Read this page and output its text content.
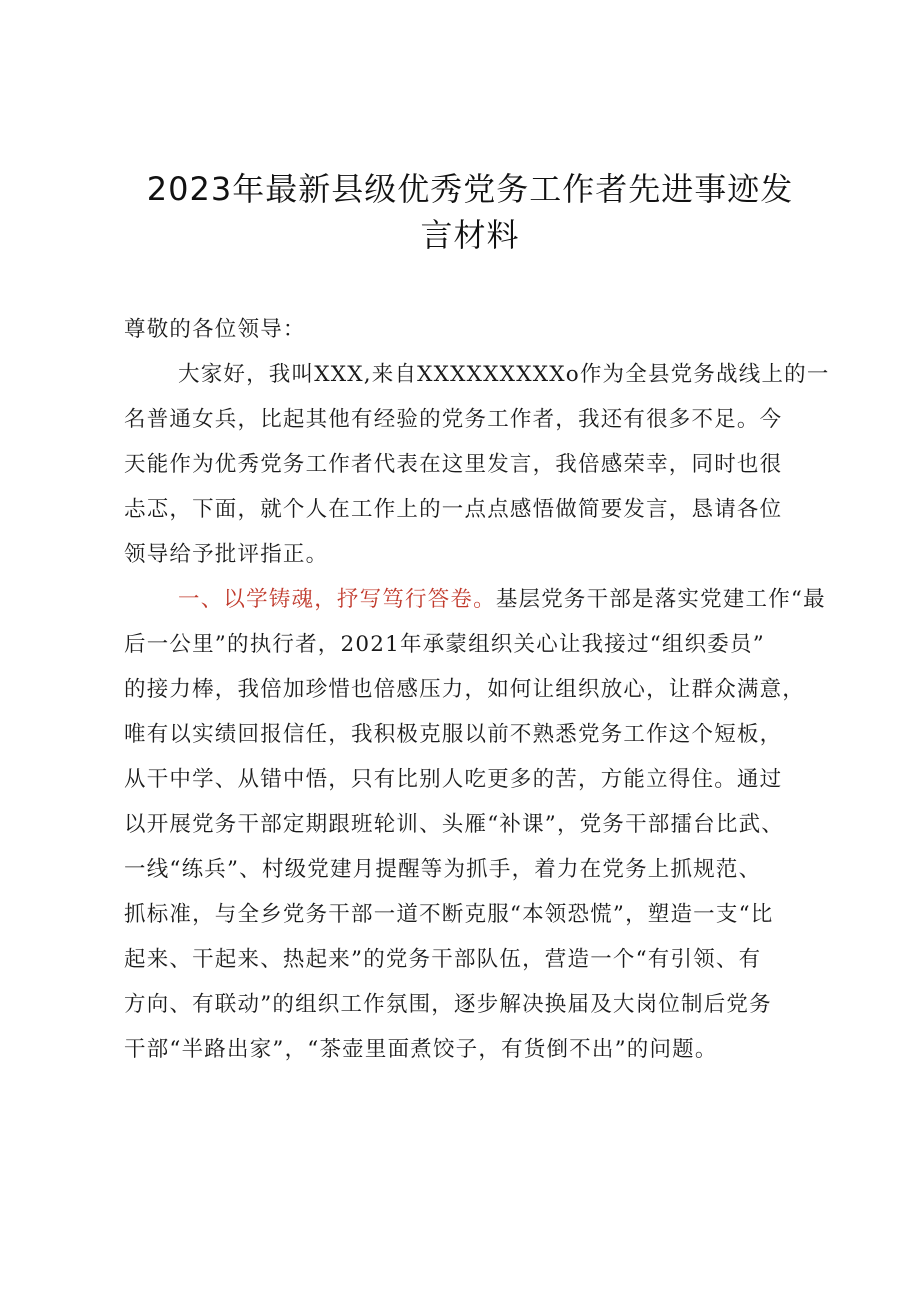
2023年最新县级优秀党务工作者先进事迹发
言材料
尊敬的各位领导：

大家好，我叫XXX,来自XXXXXXXXXo作为全县党务战线上的一
名普通女兵，比起其他有经验的党务工作者，我还有很多不足。今
天能作为优秀党务工作者代表在这里发言，我倍感荣幸，同时也很
忐忑，下面，就个人在工作上的一点点感悟做简要发言，恳请各位
领导给予批评指正。

一、以学铸魂，抒写笃行答卷。基层党务干部是落实党建工作“最
后一公里”的执行者，2021年承蒙组织关心让我接过“组织委员”
的接力棒，我倍加珍惜也倍感压力，如何让组织放心，让群众满意，
唯有以实绩回报信任，我积极克服以前不熟悉党务工作这个短板，
从干中学、从错中悟，只有比别人吃更多的苦，方能立得住。通过
以开展党务干部定期跟班轮训、头雁“补课”，党务干部擂台比武、
一线“练兵”、村级党建月提醒等为抓手，着力在党务上抓规范、
抓标准，与全乡党务干部一道不断克服“本领恐慌”，塑造一支“比
起来、干起来、热起来”的党务干部队伍，营造一个“有引领、有
方向、有联动”的组织工作氛围，逐步解决换届及大岗位制后党务
干部“半路出家”，“茶壶里面煮饺子，有货倒不出”的问题。
